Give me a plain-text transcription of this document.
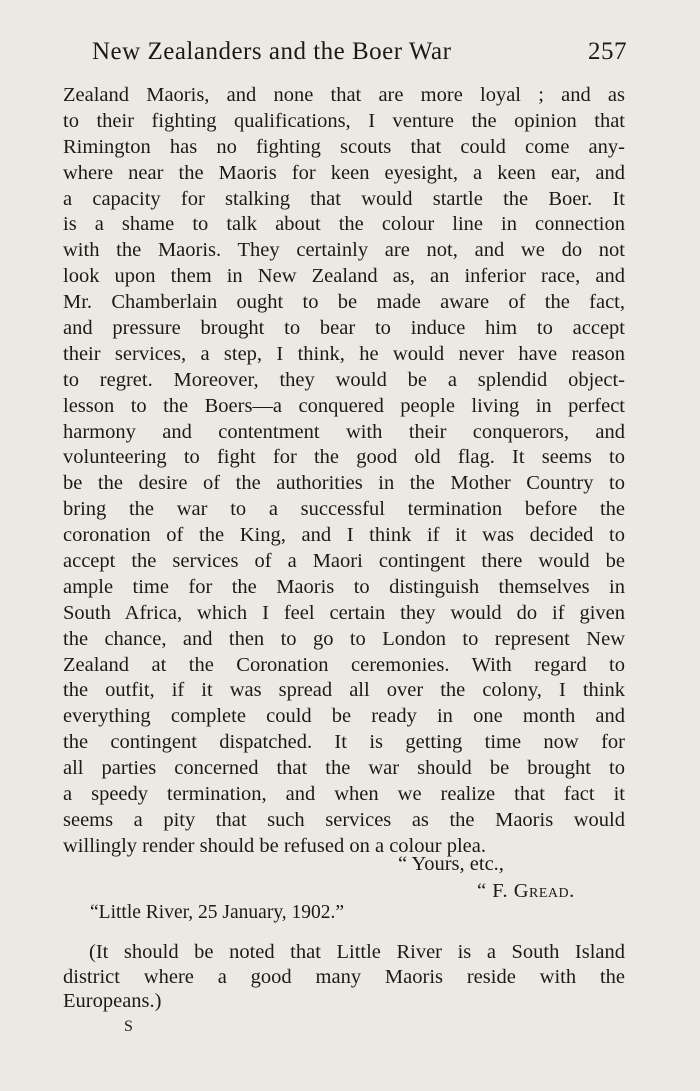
New Zealanders and the Boer War	257
Zealand Maoris, and none that are more loyal ; and as
to their fighting qualifications, I venture the opinion that
Rimington has no fighting scouts that could come any-
where near the Maoris for keen eyesight, a keen ear, and
a capacity for stalking that would startle the Boer. It
is a shame to talk about the colour line in connection
with the Maoris. They certainly are not, and we do not
look upon them in New Zealand as, an inferior race, and
Mr. Chamberlain ought to be made aware of the fact,
and pressure brought to bear to induce him to accept
their services, a step, I think, he would never have reason
to regret. Moreover, they would be a splendid object-
lesson to the Boers—a conquered people living in perfect
harmony and contentment with their conquerors, and
volunteering to fight for the good old flag. It seems to
be the desire of the authorities in the Mother Country to
bring the war to a successful termination before the
coronation of the King, and I think if it was decided to
accept the services of a Maori contingent there would be
ample time for the Maoris to distinguish themselves in
South Africa, which I feel certain they would do if given
the chance, and then to go to London to represent New
Zealand at the Coronation ceremonies. With regard to
the outfit, if it was spread all over the colony, I think
everything complete could be ready in one month and
the contingent dispatched. It is getting time now for
all parties concerned that the war should be brought to
a speedy termination, and when we realize that fact it
seems a pity that such services as the Maoris would
willingly render should be refused on a colour plea.
“ Yours, etc.,
“ F. Gread.
“Little River, 25 January, 1902.”
(It should be noted that Little River is a South Island
district where a good many Maoris reside with the
Europeans.)
S
